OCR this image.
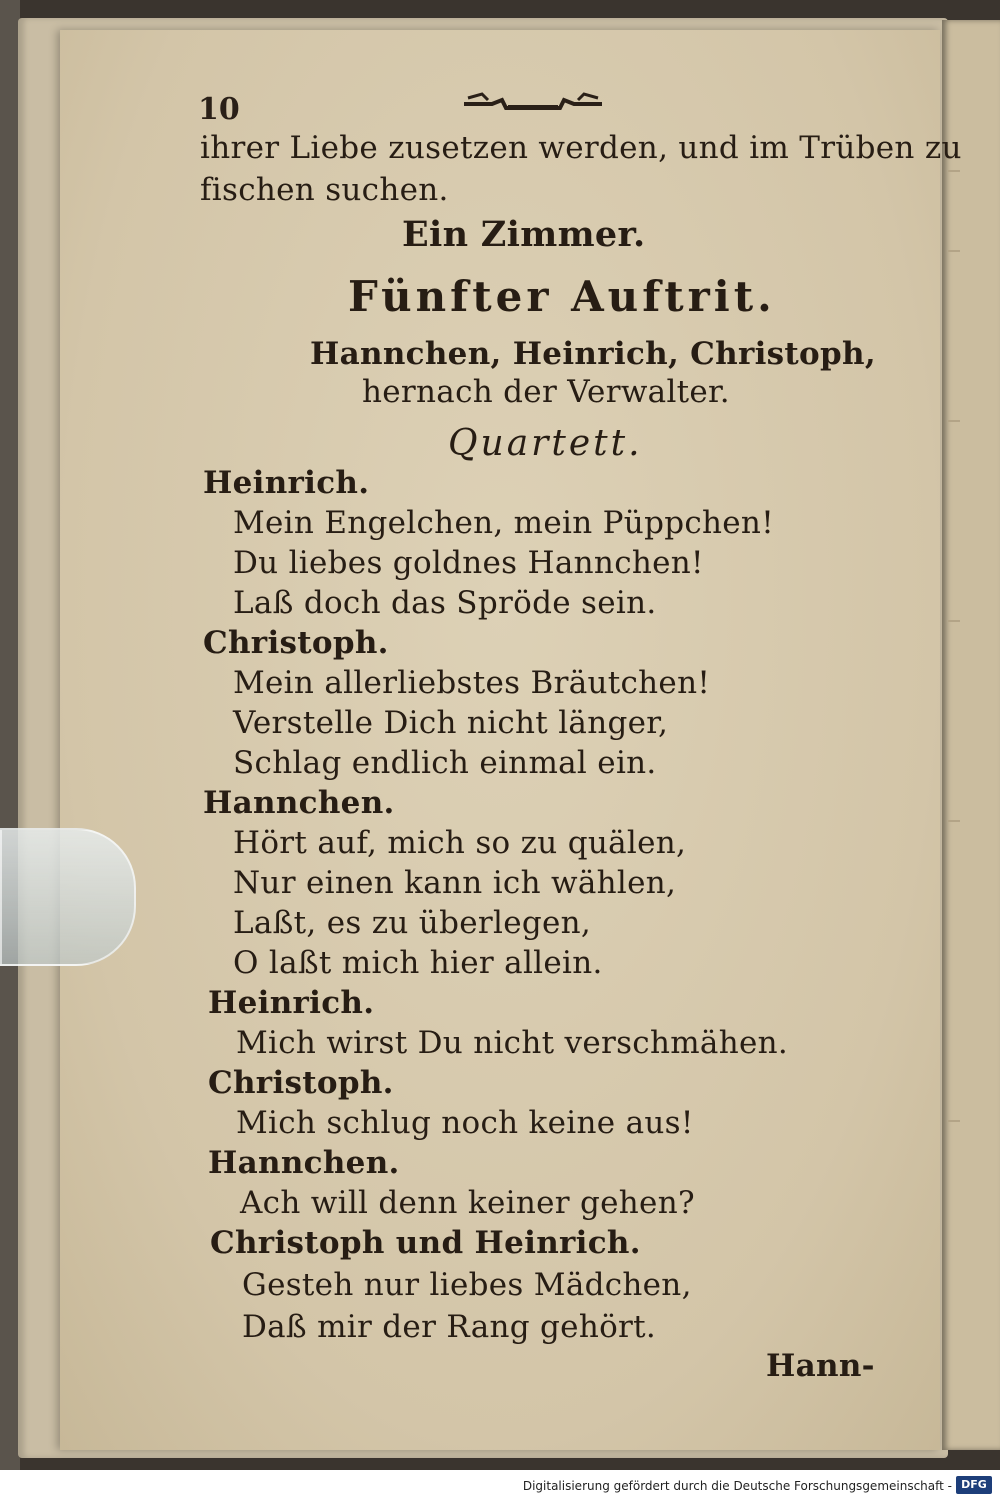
10
ihrer Liebe zusetzen werden, und im Trüben zu
fischen suchen.
Ein Zimmer.
Fünfter Auftrit.
Hannchen, Heinrich, Christoph,
hernach der Verwalter.
Quartett.
Heinrich.
Mein Engelchen, mein Püppchen!
Du liebes goldnes Hannchen!
Laß doch das Spröde sein.
Christoph.
Mein allerliebstes Bräutchen!
Verstelle Dich nicht länger,
Schlag endlich einmal ein.
Hannchen.
Hört auf, mich so zu quälen,
Nur einen kann ich wählen,
Laßt, es zu überlegen,
O laßt mich hier allein.
Heinrich.
Mich wirst Du nicht verschmähen.
Christoph.
Mich schlug noch keine aus!
Hannchen.
Ach will denn keiner gehen?
Christoph und Heinrich.
Gesteh nur liebes Mädchen,
Daß mir der Rang gehört.
Hann-
Digitalisierung gefördert durch die Deutsche Forschungsgemeinschaft - DFG
